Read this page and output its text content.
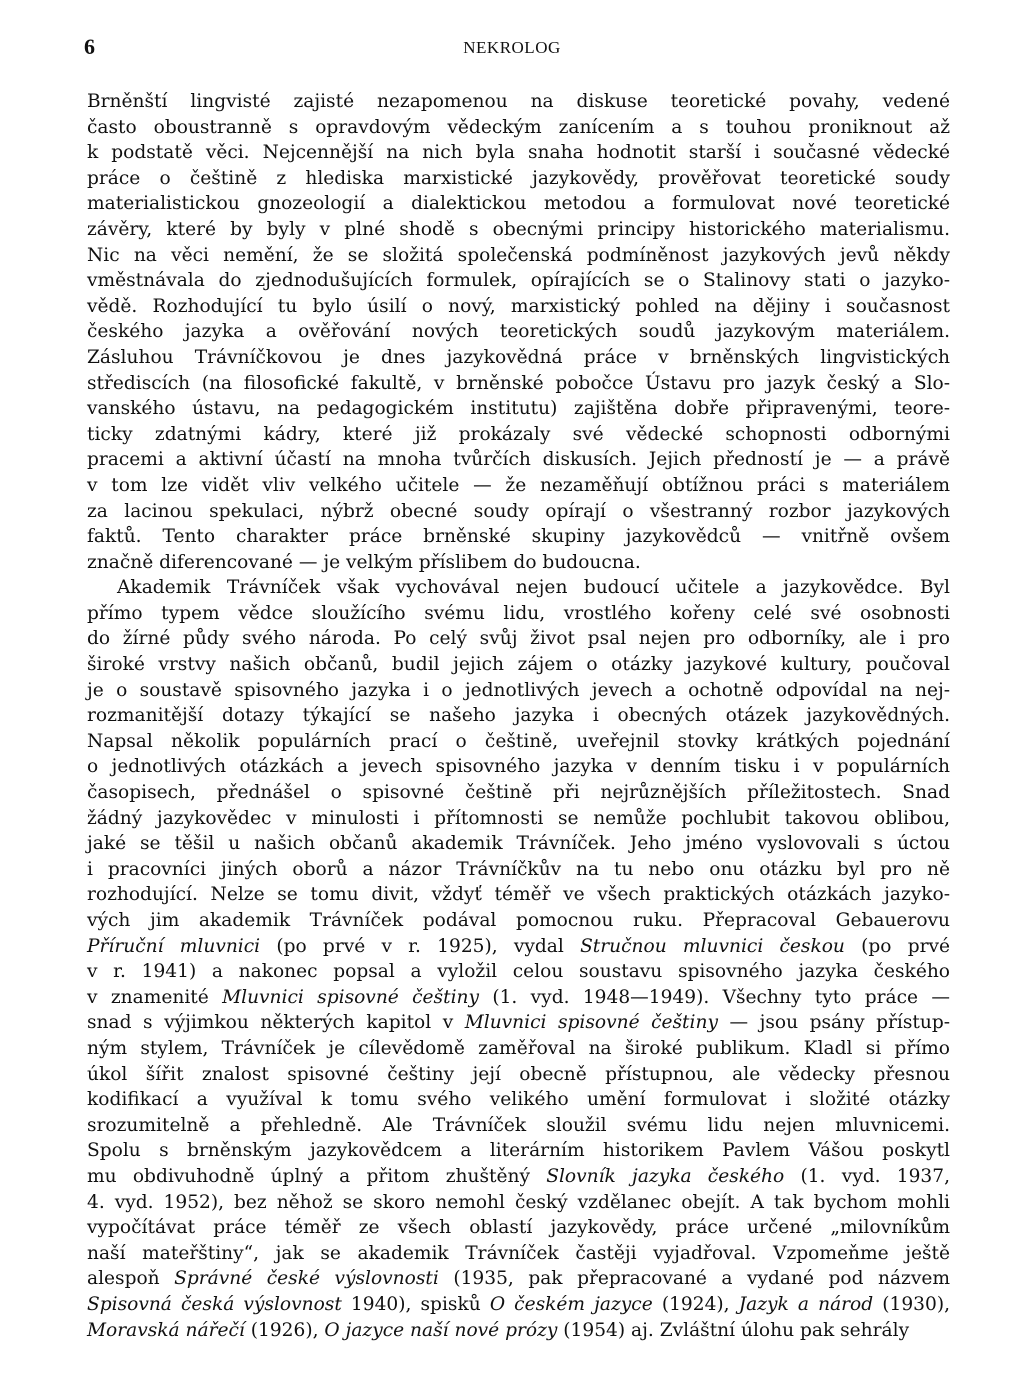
6	NEKROLOG
Brněnští lingvisté zajisté nezapomenou na diskuse teoretické povahy, vedené
často oboustranně s opravdovým vědeckým zanícením a s touhou proniknout až
k podstatě věci. Nejcennější na nich byla snaha hodnotit starší i současné vědecké
práce o češtině z hlediska marxistické jazykovědy, prověřovat teoretické soudy
materialistickou gnozeologií a dialektickou metodou a formulovat nové teoretické
závěry, které by byly v plné shodě s obecnými principy historického materialismu.
Nic na věci nemění, že se složitá společenská podmíněnost jazykových jevů někdy
vměstnávala do zjednodušujících formulek, opírajících se o Stalinovy stati o jazyko-
vědě. Rozhodující tu bylo úsilí o nový, marxistický pohled na dějiny i současnost
českého jazyka a ověřování nových teoretických soudů jazykovým materiálem.
Zásluhou Trávníčkovou je dnes jazykovědná práce v brněnských lingvistických
střediscích (na filosofické fakultě, v brněnské pobočce Ústavu pro jazyk český a Slo-
vanského ústavu, na pedagogickém institutu) zajištěna dobře připravenými, teore-
ticky zdatnými kádry, které již prokázaly své vědecké schopnosti odbornými
pracemi a aktivní účastí na mnoha tvůrčích diskusích. Jejich předností je — a právě
v tom lze vidět vliv velkého učitele — že nezaměňují obtížnou práci s materiálem
za lacinou spekulaci, nýbrž obecné soudy opírají o všestranný rozbor jazykových
faktů. Tento charakter práce brněnské skupiny jazykovědců — vnitřně ovšem
značně diferencované — je velkým příslibem do budoucna.
Akademik Trávníček však vychovával nejen budoucí učitele a jazykovědce. Byl
přímo typem vědce sloužícího svému lidu, vrostlého kořeny celé své osobnosti
do žírné půdy svého národa. Po celý svůj život psal nejen pro odborníky, ale i pro
široké vrstvy našich občanů, budil jejich zájem o otázky jazykové kultury, poučoval
je o soustavě spisovného jazyka i o jednotlivých jevech a ochotně odpovídal na nej-
rozmanitější dotazy týkající se našeho jazyka i obecných otázek jazykovědných.
Napsal několik populárních prací o češtině, uveřejnil stovky krátkých pojednání
o jednotlivých otázkách a jevech spisovného jazyka v denním tisku i v populárních
časopisech, přednášel o spisovné češtině při nejrůznějších příležitostech. Snad
žádný jazykovědec v minulosti i přítomnosti se nemůže pochlubit takovou oblibou,
jaké se těšil u našich občanů akademik Trávníček. Jeho jméno vyslovovali s úctou
i pracovníci jiných oborů a názor Trávníčkův na tu nebo onu otázku byl pro ně
rozhodující. Nelze se tomu divit, vždyť téměř ve všech praktických otázkách jazyko-
vých jim akademik Trávníček podával pomocnou ruku. Přepracoval Gebauerovu
Příruční mluvnici (po prvé v r. 1925), vydal Stručnou mluvnici českou (po prvé
v r. 1941) a nakonec popsal a vyložil celou soustavu spisovného jazyka českého
v znamenité Mluvnici spisovné češtiny (1. vyd. 1948—1949). Všechny tyto práce —
snad s výjimkou některých kapitol v Mluvnici spisovné češtiny — jsou psány přístup-
ným stylem, Trávníček je cílevědomě zaměřoval na široké publikum. Kladl si přímo
úkol šířit znalost spisovné češtiny její obecně přístupnou, ale vědecky přesnou
kodifikací a využíval k tomu svého velikého umění formulovat i složité otázky
srozumitelně a přehledně. Ale Trávníček sloužil svému lidu nejen mluvnicemi.
Spolu s brněnským jazykovědcem a literárním historikem Pavlem Vášou poskytl
mu obdivuhodně úplný a přitom zhuštěný Slovník jazyka českého (1. vyd. 1937,
4. vyd. 1952), bez něhož se skoro nemohl český vzdělanec obejít. A tak bychom mohli
vypočítávat práce téměř ze všech oblastí jazykovědy, práce určené „milovníkům
naší mateřštiny“, jak se akademik Trávníček častěji vyjadřoval. Vzpomeňme ještě
alespoň Správné české výslovnosti (1935, pak přepracované a vydané pod názvem
Spisovná česká výslovnost 1940), spisků O českém jazyce (1924), Jazyk a národ (1930),
Moravská nářečí (1926), O jazyce naší nové prózy (1954) aj. Zvláštní úlohu pak sehrály
